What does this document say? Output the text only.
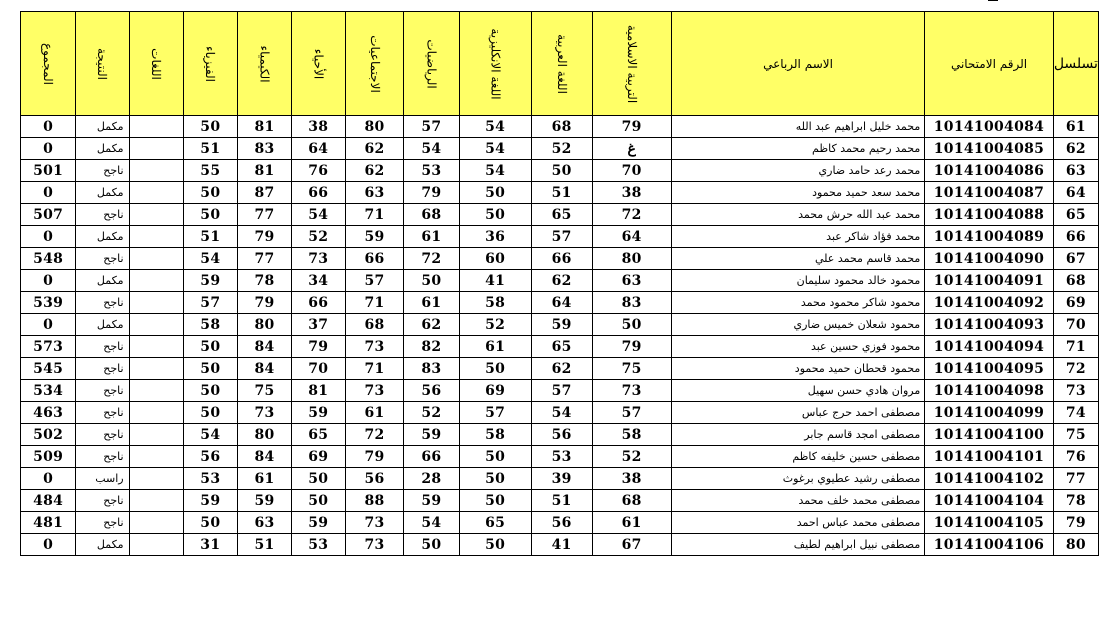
المجموع	النتيجة	اللغات	الفيزياء	الكيمياء	الأحياء	الاجتماعيات	الرياضيات	اللغة الانكليزية	اللغة العربية	التربية الاسلامية	الاسم الرباعي	الرقم الامتحاني	تسلسل
0	مكمل		50	81	38	80	57	54	68	79	محمد خليل ابراهيم عبد الله	10141004084	61
0	مكمل		51	83	64	62	54	54	52	غ	محمد رحيم محمد كاظم	10141004085	62
501	ناجح		55	81	76	62	53	54	50	70	محمد رعد حامد ضاري	10141004086	63
0	مكمل		50	87	66	63	79	50	51	38	محمد سعد حميد محمود	10141004087	64
507	ناجح		50	77	54	71	68	50	65	72	محمد عبد الله حرش محمد	10141004088	65
0	مكمل		51	79	52	59	61	36	57	64	محمد فؤاد شاكر عبد	10141004089	66
548	ناجح		54	77	73	66	72	60	66	80	محمد قاسم محمد علي	10141004090	67
0	مكمل		59	78	34	57	50	41	62	63	محمود خالد محمود سليمان	10141004091	68
539	ناجح		57	79	66	71	61	58	64	83	محمود شاكر محمود محمد	10141004092	69
0	مكمل		58	80	37	68	62	52	59	50	محمود شعلان خميس ضاري	10141004093	70
573	ناجح		50	84	79	73	82	61	65	79	محمود فوزي حسين عبد	10141004094	71
545	ناجح		50	84	70	71	83	50	62	75	محمود قحطان حميد محمود	10141004095	72
534	ناجح		50	75	81	73	56	69	57	73	مروان هادي حسن سهيل	10141004098	73
463	ناجح		50	73	59	61	52	57	54	57	مصطفى احمد حرج عباس	10141004099	74
502	ناجح		54	80	65	72	59	58	56	58	مصطفى امجد قاسم جابر	10141004100	75
509	ناجح		56	84	69	79	66	50	53	52	مصطفى حسين خليفه كاظم	10141004101	76
0	راسب		53	61	50	56	28	50	39	38	مصطفى رشيد عطيوي برغوث	10141004102	77
484	ناجح		59	59	50	88	59	50	51	68	مصطفى محمد خلف محمد	10141004104	78
481	ناجح		50	63	59	73	54	65	56	61	مصطفى محمد عباس احمد	10141004105	79
0	مكمل		31	51	53	73	50	50	41	67	مصطفى نبيل ابراهيم لطيف	10141004106	80
